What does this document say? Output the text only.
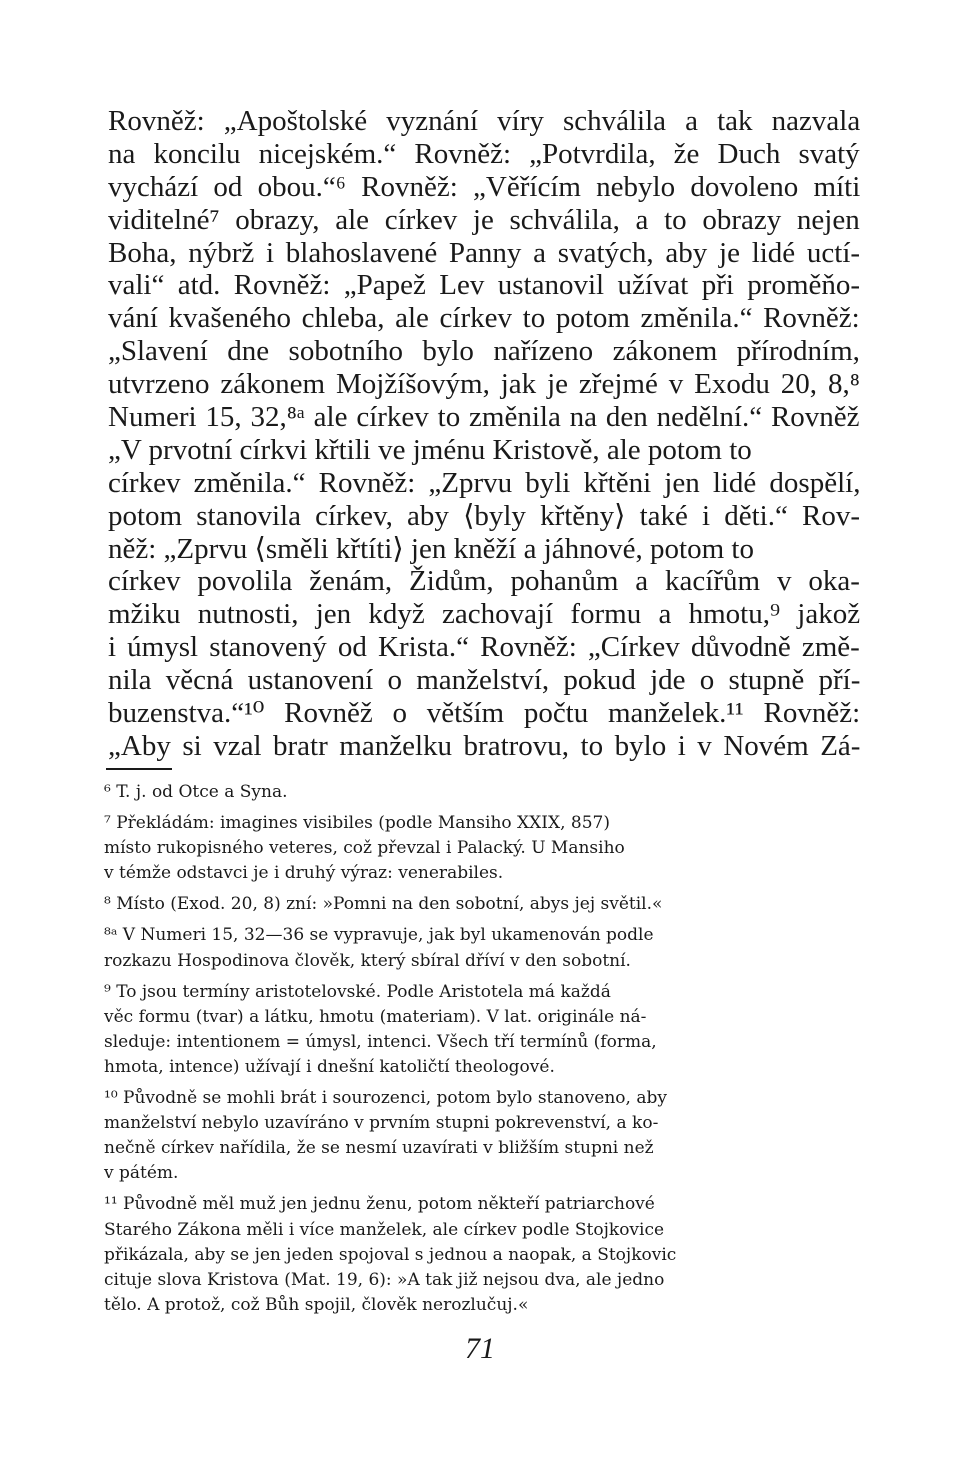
Rovněž: „Apoštolské vyznání víry schválila a tak nazvala
na koncilu nicejském.“ Rovněž: „Potvrdila, že Duch svatý
vychází od obou.“⁶ Rovněž: „Věřícím nebylo dovoleno míti
viditelné⁷ obrazy, ale církev je schválila, a to obrazy nejen
Boha, nýbrž i blahoslavené Panny a svatých, aby je lidé uctí-
vali“ atd. Rovněž: „Papež Lev ustanovil užívat při proměňo-
vání kvašeného chleba, ale církev to potom změnila.“ Rovněž:
„Slavení dne sobotního bylo nařízeno zákonem přírodním,
utvrzeno zákonem Mojžíšovým, jak je zřejmé v Exodu 20, 8,⁸
Numeri 15, 32,⁸ᵃ ale církev to změnila na den nedělní.“ Rovněž
„V prvotní církvi křtili ve jménu Kristově, ale potom to
církev změnila.“ Rovněž: „Zprvu byli křtěni jen lidé dospělí,
potom stanovila církev, aby ⟨byly křtěny⟩ také i děti.“ Rov-
něž: „Zprvu ⟨směli křtíti⟩ jen kněží a jáhnové, potom to
církev povolila ženám, Židům, pohanům a kacířům v oka-
mžiku nutnosti, jen když zachovají formu a hmotu,⁹ jakož
i úmysl stanovený od Krista.“ Rovněž: „Církev důvodně změ-
nila věcná ustanovení o manželství, pokud jde o stupně pří-
buzenstva.“¹⁰ Rovněž o větším počtu manželek.¹¹ Rovněž:
„Aby si vzal bratr manželku bratrovu, to bylo i v Novém Zá-
⁶ T. j. od Otce a Syna.
⁷ Překládám: imagines visibiles (podle Mansiho XXIX, 857)
místo rukopisného veteres, což převzal i Palacký. U Mansiho
v témže odstavci je i druhý výraz: venerabiles.
⁸ Místo (Exod. 20, 8) zní: »Pomni na den sobotní, abys jej světil.«
⁸ᵃ V Numeri 15, 32—36 se vypravuje, jak byl ukamenován podle
rozkazu Hospodinova člověk, který sbíral dříví v den sobotní.
⁹ To jsou termíny aristotelovské. Podle Aristotela má každá
věc formu (tvar) a látku, hmotu (materiam). V lat. originále ná-
sleduje: intentionem = úmysl, intenci. Všech tří termínů (forma,
hmota, intence) užívají i dnešní katoličtí theologové.
¹⁰ Původně se mohli brát i sourozenci, potom bylo stanoveno, aby
manželství nebylo uzavíráno v prvním stupni pokrevenství, a ko-
nečně církev nařídila, že se nesmí uzavírati v bližším stupni než
v pátém.
¹¹ Původně měl muž jen jednu ženu, potom někteří patriarchové
Starého Zákona měli i více manželek, ale církev podle Stojkovice
přikázala, aby se jen jeden spojoval s jednou a naopak, a Stojkovic
cituje slova Kristova (Mat. 19, 6): »A tak již nejsou dva, ale jedno
tělo. A protož, což Bůh spojil, člověk nerozlučuj.«
71
